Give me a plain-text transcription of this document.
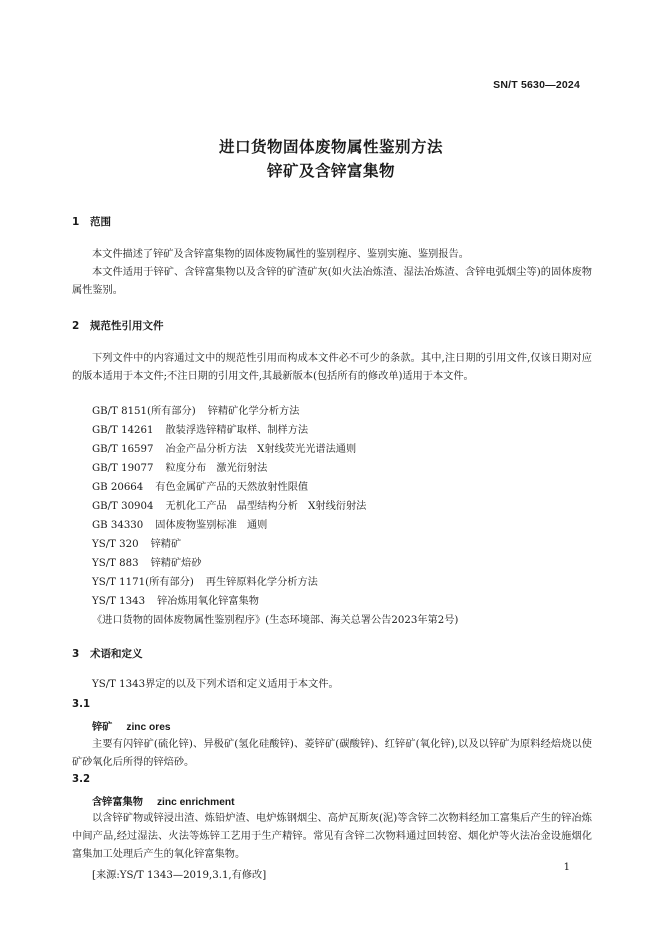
SN/T 5630—2024
进口货物固体废物属性鉴别方法
锌矿及含锌富集物
1 范围
本文件描述了锌矿及含锌富集物的固体废物属性的鉴别程序、鉴别实施、鉴别报告。
本文件适用于锌矿、含锌富集物以及含锌的矿渣矿灰(如火法冶炼渣、湿法冶炼渣、含锌电弧烟尘等)的固体废物属性鉴别。
2 规范性引用文件
下列文件中的内容通过文中的规范性引用而构成本文件必不可少的条款。其中,注日期的引用文件,仅该日期对应的版本适用于本文件;不注日期的引用文件,其最新版本(包括所有的修改单)适用于本文件。
GB/T 8151(所有部分) 锌精矿化学分析方法
GB/T 14261 散装浮选锌精矿取样、制样方法
GB/T 16597 冶金产品分析方法　X射线荧光光谱法通则
GB/T 19077 粒度分布　激光衍射法
GB 20664 有色金属矿产品的天然放射性限值
GB/T 30904 无机化工产品　晶型结构分析　X射线衍射法
GB 34330 固体废物鉴别标准　通则
YS/T 320 锌精矿
YS/T 883 锌精矿焙砂
YS/T 1171(所有部分) 再生锌原料化学分析方法
YS/T 1343 锌冶炼用氧化锌富集物
《进口货物的固体废物属性鉴别程序》(生态环境部、海关总署公告2023年第2号)
3 术语和定义
YS/T 1343界定的以及下列术语和定义适用于本文件。
3.1
锌矿 zinc ores
主要有闪锌矿(硫化锌)、异极矿(氢化硅酸锌)、菱锌矿(碳酸锌)、红锌矿(氧化锌),以及以锌矿为原料经焙烧以使矿砂氧化后所得的锌焙砂。
3.2
含锌富集物 zinc enrichment
以含锌矿物或锌浸出渣、炼铅炉渣、电炉炼钢烟尘、高炉瓦斯灰(泥)等含锌二次物料经加工富集后产生的锌冶炼中间产品,经过湿法、火法等炼锌工艺用于生产精锌。常见有含锌二次物料通过回转窑、烟化炉等火法冶金设施烟化富集加工处理后产生的氧化锌富集物。
[来源:YS/T 1343—2019,3.1,有修改]
1
